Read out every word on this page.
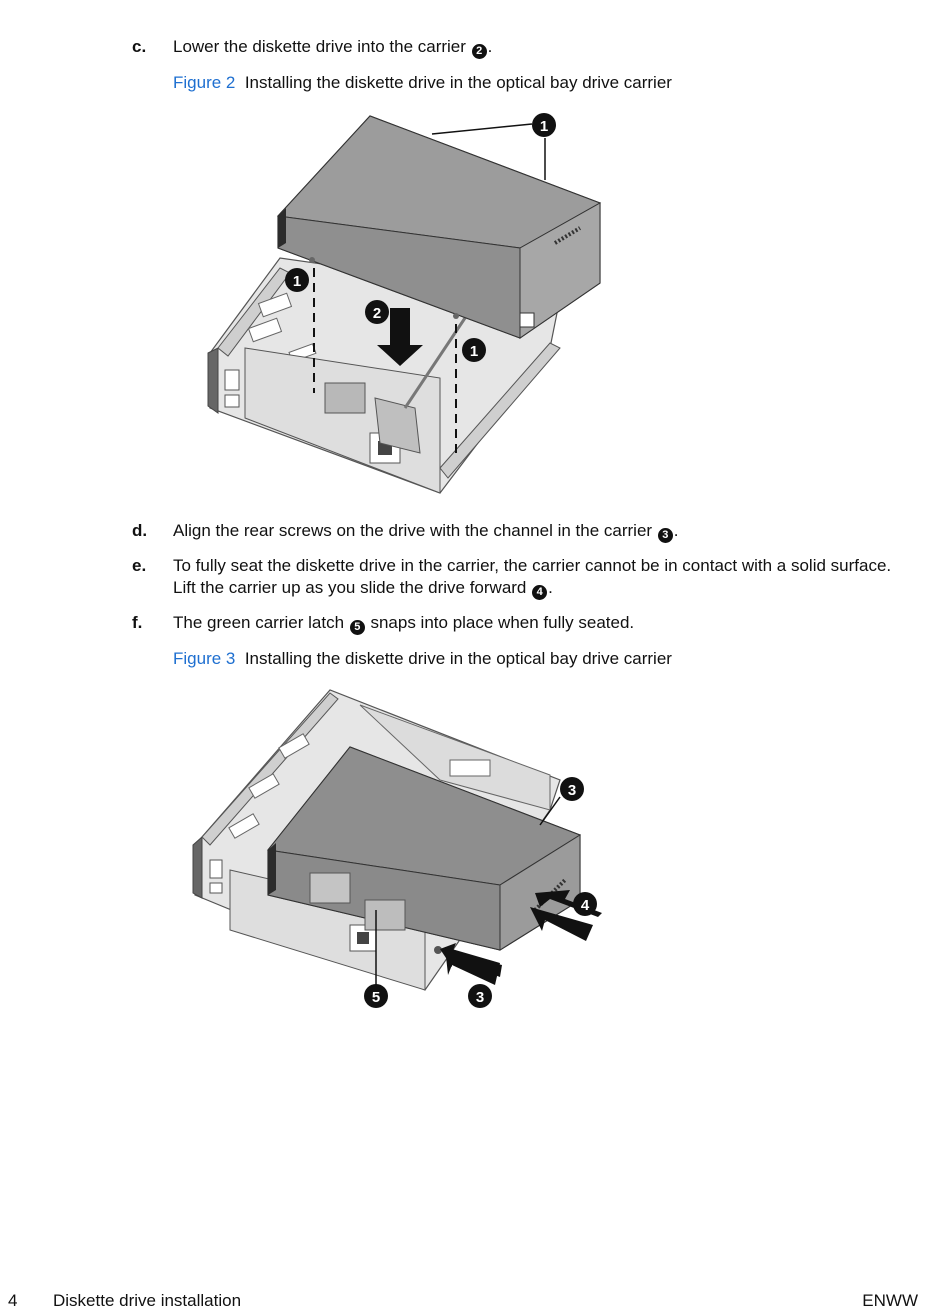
c. Lower the diskette drive into the carrier 2 .
Figure 2 Installing the diskette drive in the optical bay drive carrier
1
1
2
1
d. Align the rear screws on the drive with the channel in the carrier 3 .
e. To fully seat the diskette drive in the carrier, the carrier cannot be in contact with a solid surface. Lift the carrier up as you slide the drive forward 4 .
f. The green carrier latch 5 snaps into place when fully seated.
Figure 3 Installing the diskette drive in the optical bay drive carrier
3
4
5	3
4 Diskette drive installation	ENWW
